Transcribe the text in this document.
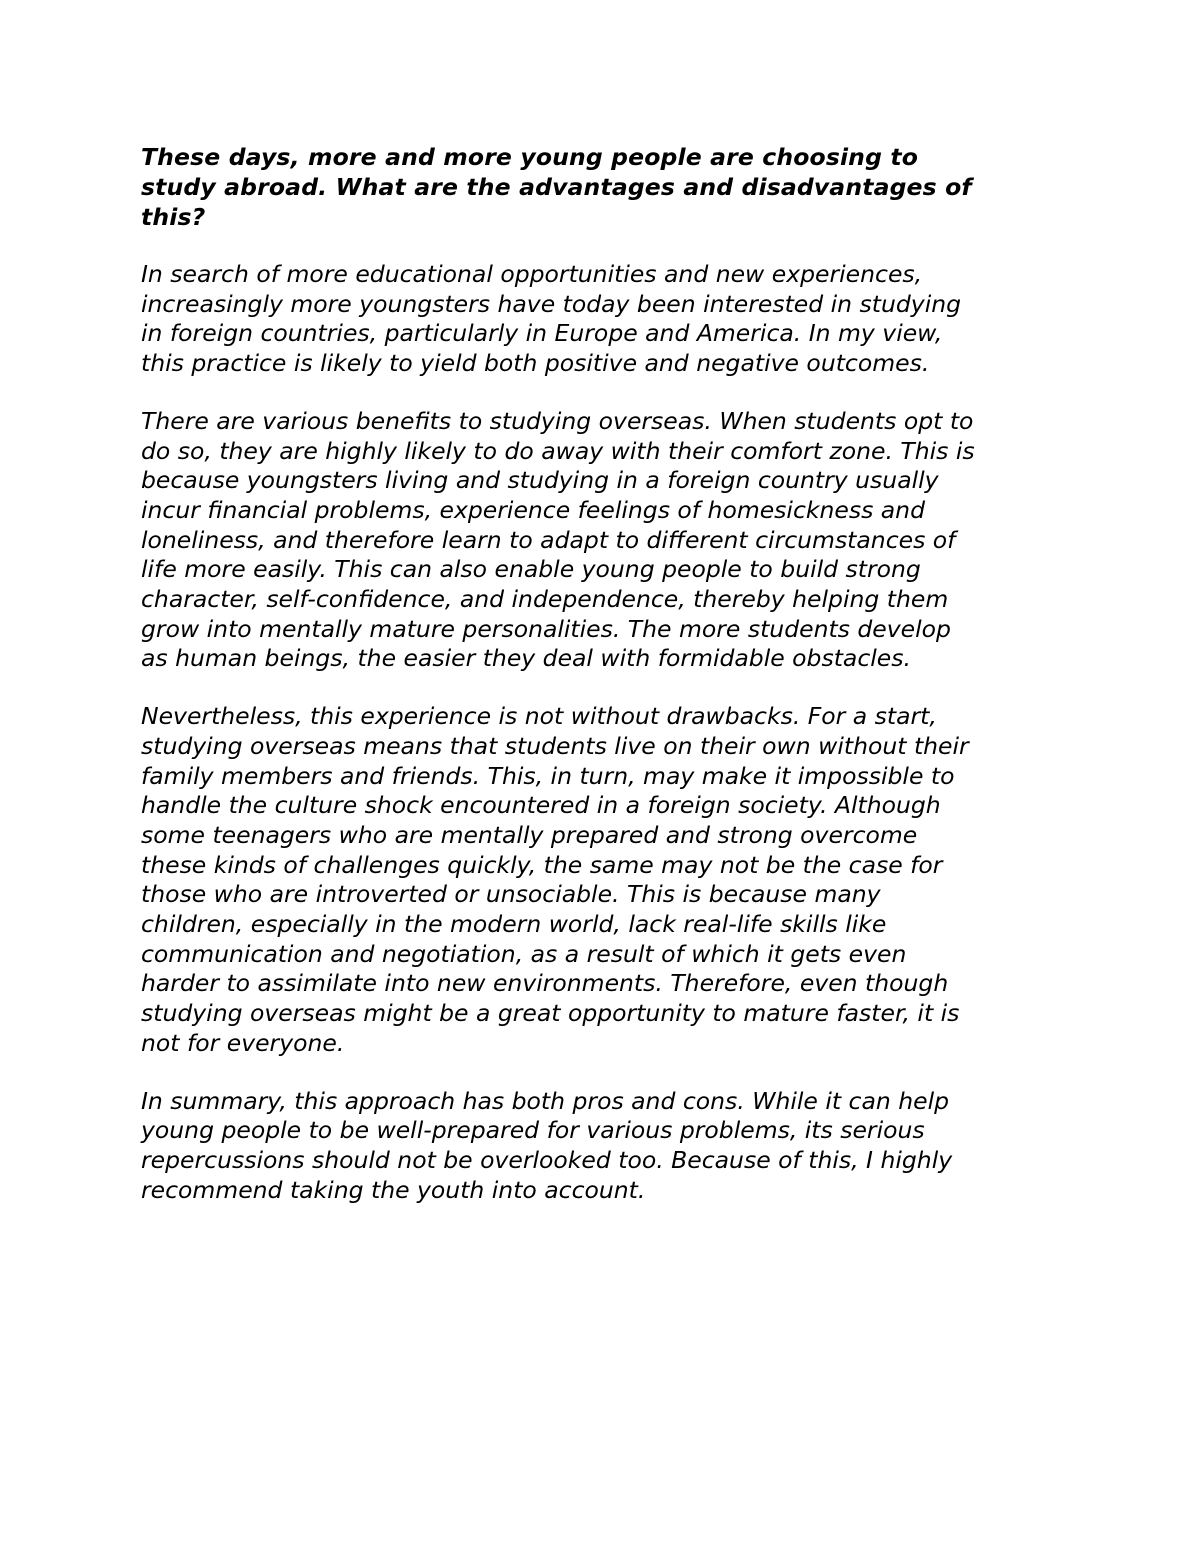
These days, more and more young people are choosing to
study abroad. What are the advantages and disadvantages of
this?

In search of more educational opportunities and new experiences,
increasingly more youngsters have today been interested in studying
in foreign countries, particularly in Europe and America. In my view,
this practice is likely to yield both positive and negative outcomes.

There are various benefits to studying overseas. When students opt to
do so, they are highly likely to do away with their comfort zone. This is
because youngsters living and studying in a foreign country usually
incur financial problems, experience feelings of homesickness and
loneliness, and therefore learn to adapt to different circumstances of
life more easily. This can also enable young people to build strong
character, self-confidence, and independence, thereby helping them
grow into mentally mature personalities. The more students develop
as human beings, the easier they deal with formidable obstacles.

Nevertheless, this experience is not without drawbacks. For a start,
studying overseas means that students live on their own without their
family members and friends. This, in turn, may make it impossible to
handle the culture shock encountered in a foreign society. Although
some teenagers who are mentally prepared and strong overcome
these kinds of challenges quickly, the same may not be the case for
those who are introverted or unsociable. This is because many
children, especially in the modern world, lack real-life skills like
communication and negotiation, as a result of which it gets even
harder to assimilate into new environments. Therefore, even though
studying overseas might be a great opportunity to mature faster, it is
not for everyone.

In summary, this approach has both pros and cons. While it can help
young people to be well-prepared for various problems, its serious
repercussions should not be overlooked too. Because of this, I highly
recommend taking the youth into account.
